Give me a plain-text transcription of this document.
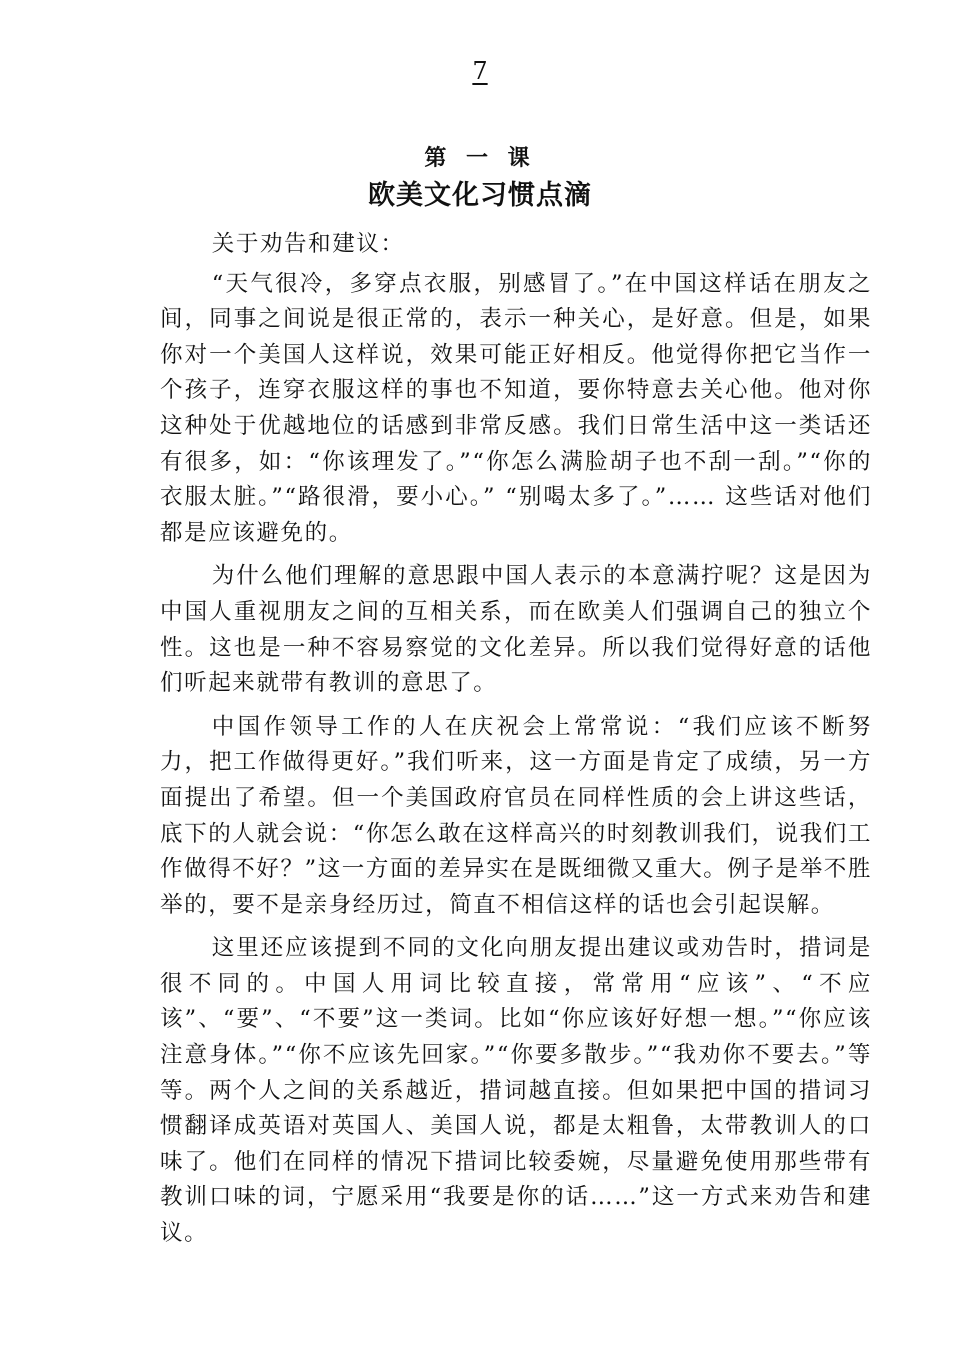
7
第 一 课
欧美文化习惯点滴

关于劝告和建议：

“天气很冷，多穿点衣服，别感冒了。”在中国这样话在朋友之间，同事之间说是很正常的，表示一种关心，是好意。但是，如果你对一个美国人这样说，效果可能正好相反。他觉得你把它当作一个孩子，连穿衣服这样的事也不知道，要你特意去关心他。他对你这种处于优越地位的话感到非常反感。我们日常生活中这一类话还有很多，如：“你该理发了。”“你怎么满脸胡子也不刮一刮。”“你的衣服太脏。”“路很滑，要小心。” “别喝太多了。”…… 这些话对他们都是应该避免的。

为什么他们理解的意思跟中国人表示的本意满拧呢？这是因为中国人重视朋友之间的互相关系，而在欧美人们强调自己的独立个性。这也是一种不容易察觉的文化差异。所以我们觉得好意的话他们听起来就带有教训的意思了。

中国作领导工作的人在庆祝会上常常说：“我们应该不断努力，把工作做得更好。”我们听来，这一方面是肯定了成绩，另一方面提出了希望。但一个美国政府官员在同样性质的会上讲这些话，底下的人就会说：“你怎么敢在这样高兴的时刻教训我们，说我们工作做得不好？”这一方面的差异实在是既细微又重大。例子是举不胜举的，要不是亲身经历过，简直不相信这样的话也会引起误解。

这里还应该提到不同的文化向朋友提出建议或劝告时，措词是很不同的。中国人用词比较直接，常常用“应该”、“不应该”、“要”、“不要”这一类词。比如“你应该好好想一想。”“你应该注意身体。”“你不应该先回家。”“你要多散步。”“我劝你不要去。”等等。两个人之间的关系越近，措词越直接。但如果把中国的措词习惯翻译成英语对英国人、美国人说，都是太粗鲁，太带教训人的口味了。他们在同样的情况下措词比较委婉，尽量避免使用那些带有教训口味的词，宁愿采用“我要是你的话……”这一方式来劝告和建议。
